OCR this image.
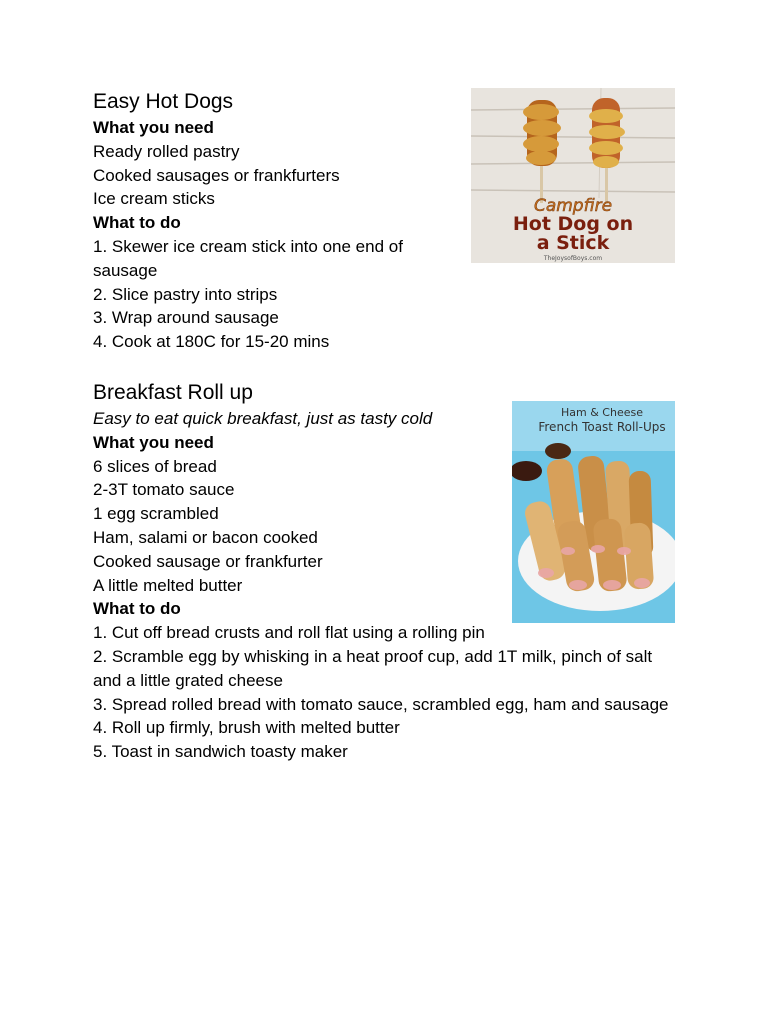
Easy Hot Dogs

What you need

Ready rolled pastry

Cooked sausages or frankfurters

Ice cream sticks

What to do

1. Skewer ice cream stick into one end of sausage

2. Slice pastry into strips

3. Wrap around sausage

4. Cook at 180C for 15-20 mins

Campfire
Hot Dog on
a Stick
TheJoysofBoys.com
Breakfast Roll up

Easy to eat quick breakfast, just as tasty cold

What you need

6 slices of bread

2-3T tomato sauce

1 egg scrambled

Ham, salami or bacon cooked

Cooked sausage or frankfurter

A little melted butter

What to do

1. Cut off bread crusts and roll flat using a rolling pin

2. Scramble egg by whisking in a heat proof cup, add 1T milk, pinch of salt and a little grated cheese

3. Spread rolled bread with tomato sauce, scrambled egg, ham and sausage

4. Roll up firmly, brush with melted butter

5. Toast in sandwich toasty maker

Ham & Cheese
French Toast Roll-Ups
